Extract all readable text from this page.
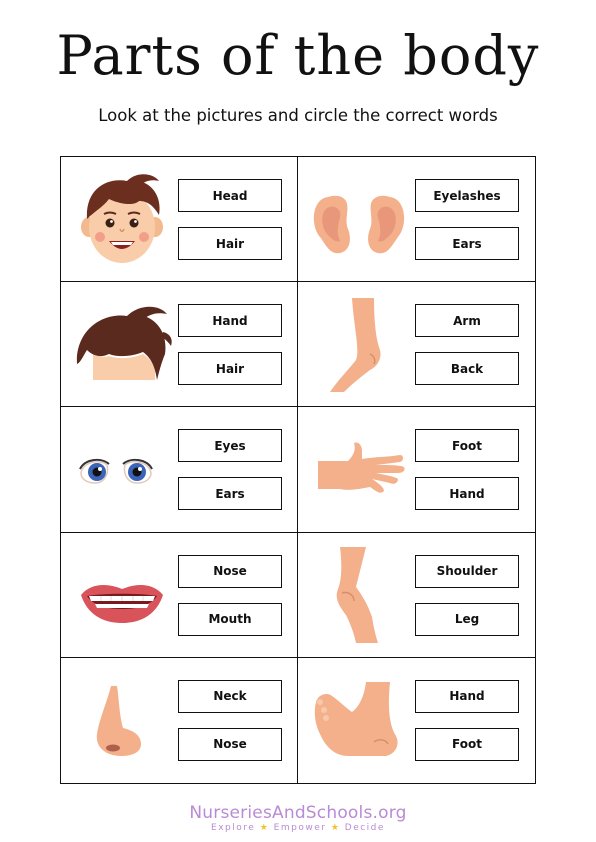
Parts of the body
Look at the pictures and circle the correct words
Head
Hair
Eyelashes
Ears
Hand
Hair
Arm
Back
Eyes
Ears
Foot
Hand
Nose
Mouth
Shoulder
Leg
Neck
Nose
Hand
Foot
NurseriesAndSchools.org
Explore ★ Empower ★ Decide
